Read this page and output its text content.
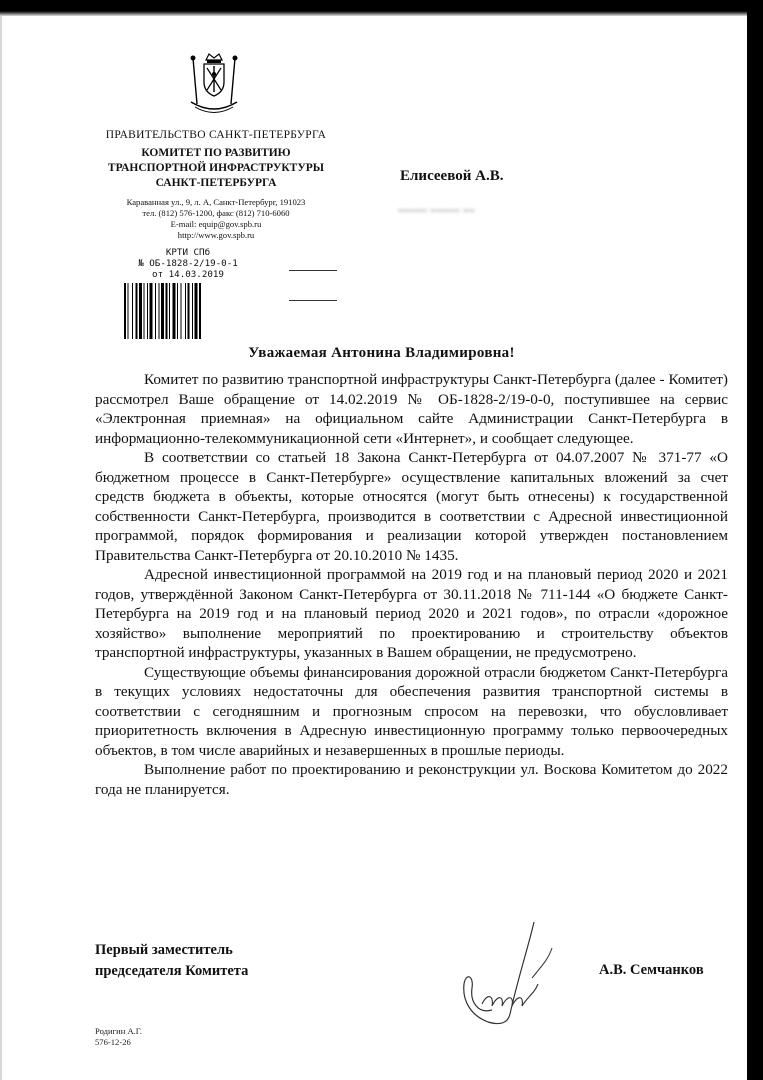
ПРАВИТЕЛЬСТВО САНКТ-ПЕТЕРБУРГА
КОМИТЕТ ПО РАЗВИТИЮ
ТРАНСПОРТНОЙ ИНФРАСТРУКТУРЫ
САНКТ-ПЕТЕРБУРГА
Караванная ул., 9, л. А, Санкт-Петербург, 191023
тел. (812) 576-1200, факс (812) 710-6060
E-mail: equip@gov.spb.ru
http://www.gov.spb.ru
КРТИ СПб
№ ОБ-1828-2/19-0-1
от 14.03.2019
Елисеевой А.В.
~~~~~ ~~~~~ ~~
Уважаемая Антонина Владимировна!

Комитет по развитию транспортной инфраструктуры Санкт-Петербурга (далее - Комитет) рассмотрел Ваше обращение от 14.02.2019 № ОБ-1828-2/19-0-0, поступившее на сервис «Электронная приемная» на официальном сайте Администрации Санкт-Петербурга в информационно-телекоммуникационной сети «Интернет», и сообщает следующее.

В соответствии со статьей 18 Закона Санкт-Петербурга от 04.07.2007 № 371-77 «О бюджетном процессе в Санкт-Петербурге» осуществление капитальных вложений за счет средств бюджета в объекты, которые относятся (могут быть отнесены) к государственной собственности Санкт-Петербурга, производится в соответствии с Адресной инвестиционной программой, порядок формирования и реализации которой утвержден постановлением Правительства Санкт-Петербурга от 20.10.2010 № 1435.

Адресной инвестиционной программой на 2019 год и на плановый период 2020 и 2021 годов, утверждённой Законом Санкт-Петербурга от 30.11.2018 № 711-144 «О бюджете Санкт-Петербурга на 2019 год и на плановый период 2020 и 2021 годов», по отрасли «дорожное хозяйство» выполнение мероприятий по проектированию и строительству объектов транспортной инфраструктуры, указанных в Вашем обращении, не предусмотрено.

Существующие объемы финансирования дорожной отрасли бюджетом Санкт-Петербурга в текущих условиях недостаточны для обеспечения развития транспортной системы в соответствии с сегодняшним и прогнозным спросом на перевозки, что обусловливает приоритетность включения в Адресную инвестиционную программу только первоочередных объектов, в том числе аварийных и незавершенных в прошлые периоды.

Выполнение работ по проектированию и реконструкции ул. Воскова Комитетом до 2022 года не планируется.

Первый заместитель
председателя Комитета	А.В. Семчанков
Родигин А.Г.
576-12-26
